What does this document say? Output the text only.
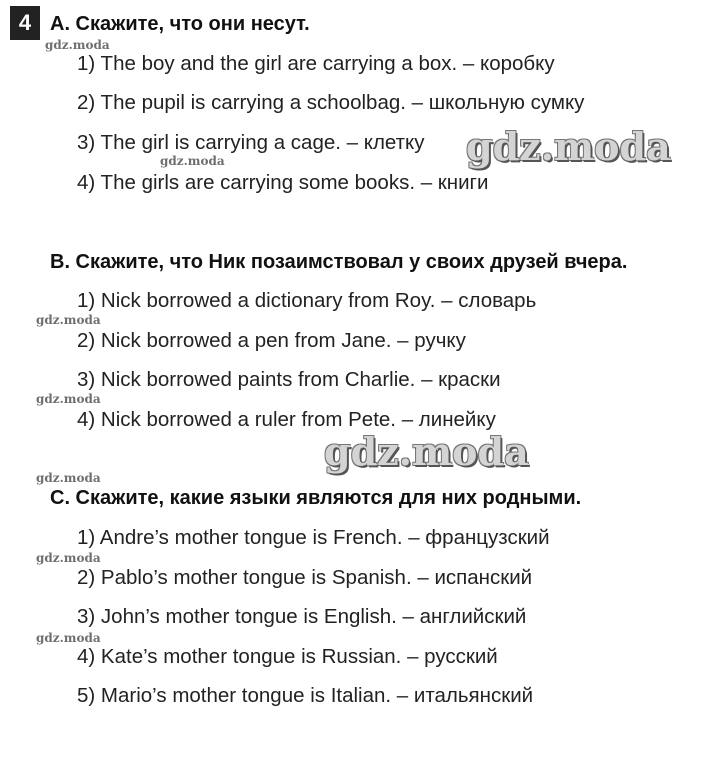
4 A. Скажите, что они несут.
1) The boy and the girl are carrying a box. – коробку
2) The pupil is carrying a schoolbag. – школьную сумку
3) The girl is carrying a cage. – клетку
4) The girls are carrying some books. – книги
B. Скажите, что Ник позаимствовал у своих друзей вчера.
1) Nick borrowed a dictionary from Roy. – словарь
2) Nick borrowed a pen from Jane. – ручку
3) Nick borrowed paints from Charlie. – краски
4) Nick borrowed a ruler from Pete. – линейку
C. Скажите, какие языки являются для них родными.
1) Andre’s mother tongue is French. – французский
2) Pablo’s mother tongue is Spanish. – испанский
3) John’s mother tongue is English. – английский
4) Kate’s mother tongue is Russian. – русский
5) Mario’s mother tongue is Italian. – итальянский
gdz.moda
gdz.moda
gdz.moda
gdz.moda
gdz.moda
gdz.moda
gdz.moda
gdz.moda
gdz.moda
